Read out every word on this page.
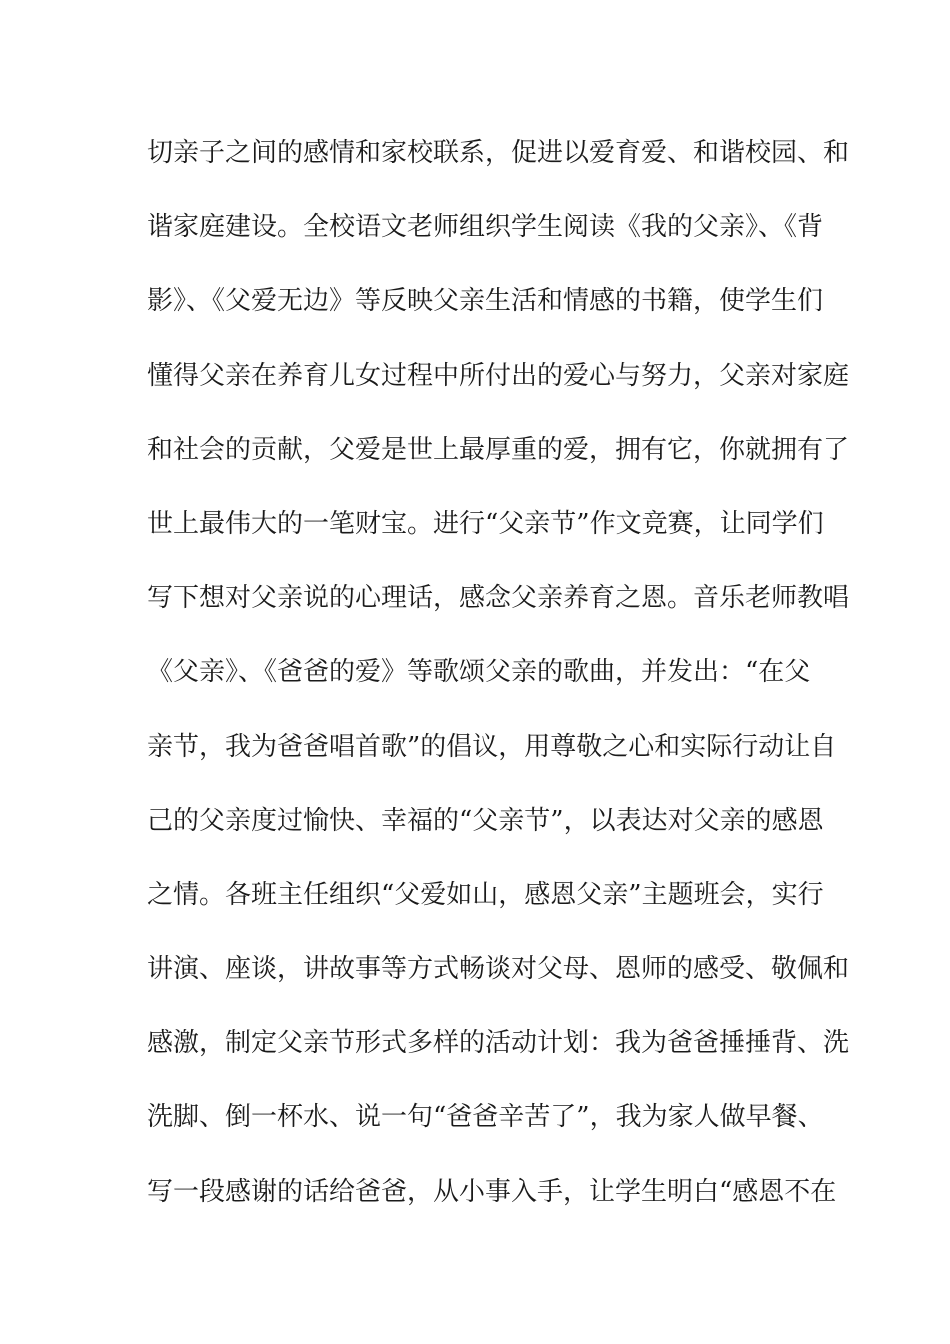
切亲子之间的感情和家校联系，促进以爱育爱、和谐校园、和
谐家庭建设。全校语文老师组织学生阅读《我的父亲》、《背
影》、《父爱无边》等反映父亲生活和情感的书籍，使学生们
懂得父亲在养育儿女过程中所付出的爱心与努力，父亲对家庭
和社会的贡献，父爱是世上最厚重的爱，拥有它，你就拥有了
世上最伟大的一笔财宝。进行“父亲节”作文竞赛，让同学们
写下想对父亲说的心理话，感念父亲养育之恩。音乐老师教唱
《父亲》、《爸爸的爱》等歌颂父亲的歌曲，并发出：“在父
亲节，我为爸爸唱首歌”的倡议，用尊敬之心和实际行动让自
己的父亲度过愉快、幸福的“父亲节”，以表达对父亲的感恩
之情。各班主任组织“父爱如山，感恩父亲”主题班会，实行
讲演、座谈，讲故事等方式畅谈对父母、恩师的感受、敬佩和
感激，制定父亲节形式多样的活动计划：我为爸爸捶捶背、洗
洗脚、倒一杯水、说一句“爸爸辛苦了”，我为家人做早餐、
写一段感谢的话给爸爸，从小事入手，让学生明白“感恩不在
